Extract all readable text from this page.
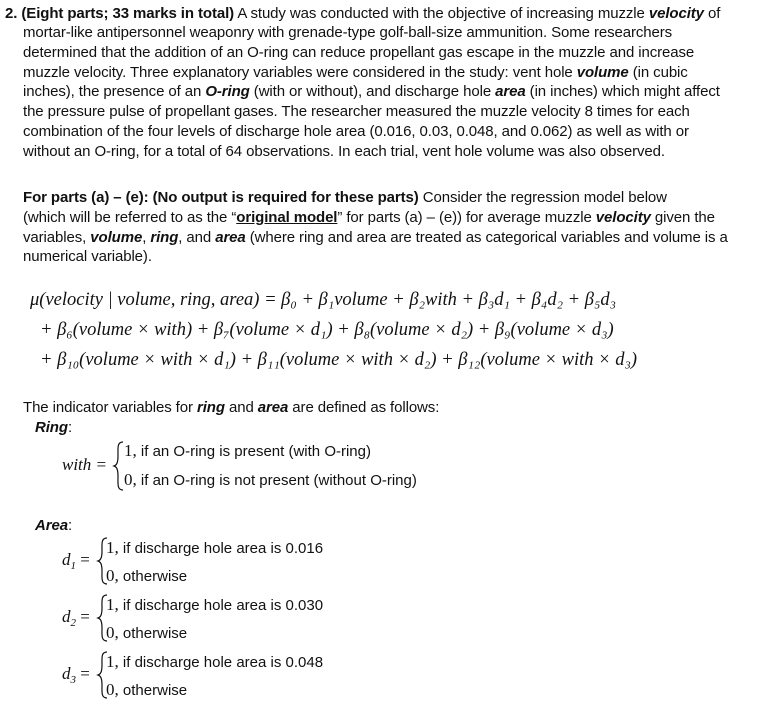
2. (Eight parts; 33 marks in total) A study was conducted with the objective of increasing muzzle velocity of
mortar-like antipersonnel weaponry with grenade-type golf-ball-size ammunition. Some researchers
determined that the addition of an O-ring can reduce propellant gas escape in the muzzle and increase
muzzle velocity. Three explanatory variables were considered in the study: vent hole volume (in cubic
inches), the presence of an O-ring (with or without), and discharge hole area (in inches) which might affect
the pressure pulse of propellant gases. The researcher measured the muzzle velocity 8 times for each
combination of the four levels of discharge hole area (0.016, 0.03, 0.048, and 0.062) as well as with or
without an O-ring, for a total of 64 observations. In each trial, vent hole volume was also observed.
For parts (a) – (e): (No output is required for these parts) Consider the regression model below
(which will be referred to as the “original model” for parts (a) – (e)) for average muzzle velocity given the
variables, volume, ring, and area (where ring and area are treated as categorical variables and volume is a
numerical variable).
μ(velocity | volume, ring, area) = β₀ + β₁volume + β₂with + β₃d₁ + β₄d₂ + β₅d₃
+ β₆(volume × with) + β₇(volume × d₁) + β₈(volume × d₂) + β₉(volume × d₃)
+ β₁₀(volume × with × d₁) + β₁₁(volume × with × d₂) + β₁₂(volume × with × d₃)
The indicator variables for ring and area are defined as follows:
Ring:
with =
1, if an O-ring is present (with O-ring)
0, if an O-ring is not present (without O-ring)
Area:
$d_1$ =
1, if discharge hole area is 0.016
0, otherwise
$d_2$ =
1, if discharge hole area is 0.030
0, otherwise
$d_3$ =
1, if discharge hole area is 0.048
0, otherwise
